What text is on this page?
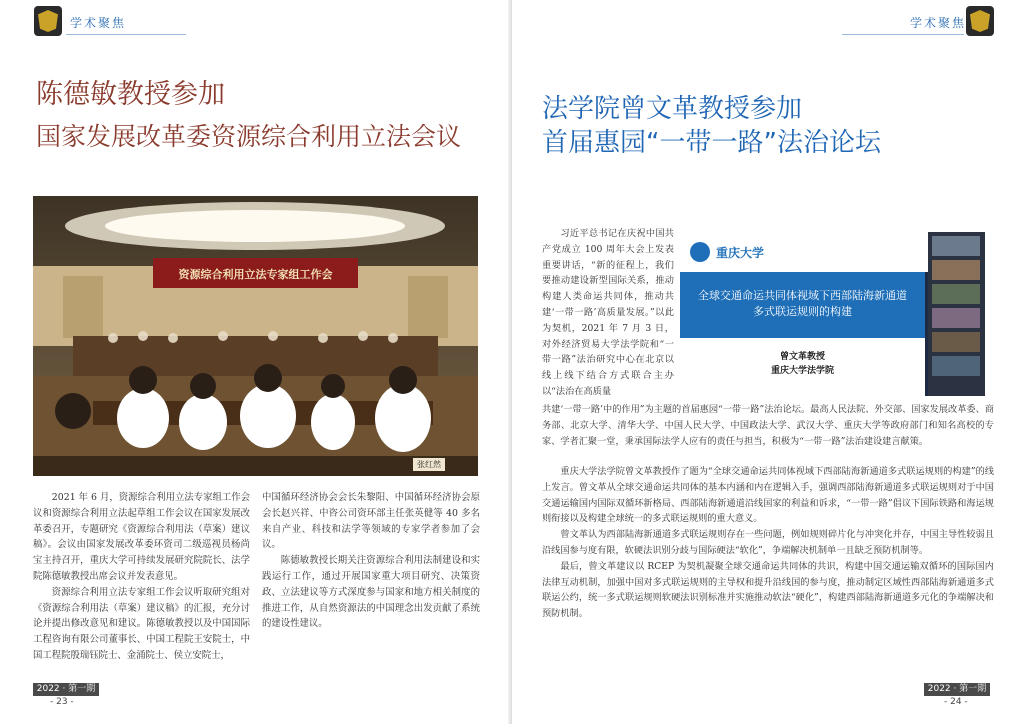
学术聚焦
陈德敏教授参加
国家发展改革委资源综合利用立法会议
资源综合利用立法专家组工作会
张红然

2021 年 6 月，资源综合利用立法专家组工作会议和资源综合利用立法起草组工作会议在国家发展改革委召开，专题研究《资源综合利用法（草案）建议稿》。会议由国家发展改革委环资司二级巡视员杨尚宝主持召开，重庆大学可持续发展研究院院长、法学院陈德敏教授出席会议并发表意见。

资源综合利用立法专家组工作会议听取研究组对《资源综合利用法（草案）建议稿》的汇报，充分讨论并提出修改意见和建议。陈德敏教授以及中国国际工程咨询有限公司董事长、中国工程院王安院士，中国工程院殷瑞钰院士、金涌院士、侯立安院士，

中国循环经济协会会长朱黎阳、中国循环经济协会原会长赵兴祥、中咨公司资环部主任张英健等 40 多名来自产业、科技和法学等领域的专家学者参加了会议。

陈德敏教授长期关注资源综合利用法制建设和实践运行工作，通过开展国家重大项目研究、决策资政、立法建议等方式深度参与国家和地方相关制度的推进工作，从自然资源法的中国理念出发贡献了系统的建设性建议。

2022 · 第一期
- 23 -
学术聚焦
法学院曾文革教授参加
首届惠园“一带一路”法治论坛

习近平总书记在庆祝中国共产党成立 100 周年大会上发表重要讲话，“新的征程上，我们要推动建设新型国际关系，推动构建人类命运共同体，推动共建‘一带一路’高质量发展。”以此为契机，2021 年 7 月 3 日，对外经济贸易大学法学院和“一带一路”法治研究中心在北京以线上线下结合方式联合主办以“法治在高质量

重庆大学
全球交通命运共同体视域下西部陆海新通道
多式联运规则的构建
曾文革教授
重庆大学法学院

共建‘一带一路’中的作用”为主题的首届惠园“一带一路”法治论坛。最高人民法院、外交部、国家发展改革委、商务部、北京大学、清华大学、中国人民大学、中国政法大学、武汉大学、重庆大学等政府部门和知名高校的专家、学者汇聚一堂，秉承国际法学人应有的责任与担当，积极为“一带一路”法治建设建言献策。

重庆大学法学院曾文革教授作了题为“全球交通命运共同体视域下西部陆海新通道多式联运规则的构建”的线上发言。曾文革从全球交通命运共同体的基本内涵和内在逻辑入手，强调西部陆海新通道多式联运规则对于中国交通运输国内国际双循环新格局、西部陆海新通道沿线国家的利益和诉求，“一带一路”倡议下国际铁路和海运规则衔接以及构建全球统一的多式联运规则的重大意义。

曾文革认为西部陆海新通道多式联运规则存在一些问题，例如规则碎片化与冲突化并存，中国主导性较弱且沿线国参与度有限，软硬法识别分歧与国际硬法“软化”，争端解决机制单一且缺乏预防机制等。

最后，曾文革建议以 RCEP 为契机凝聚全球交通命运共同体的共识，构建中国交通运输双循环的国际国内法律互动机制，加强中国对多式联运规则的主导权和提升沿线国的参与度，推动制定区域性西部陆海新通道多式联运公约，统一多式联运规则软硬法识别标准并实施推动软法“硬化”，构建西部陆海新通道多元化的争端解决和预防机制。

2022 · 第一期
- 24 -
